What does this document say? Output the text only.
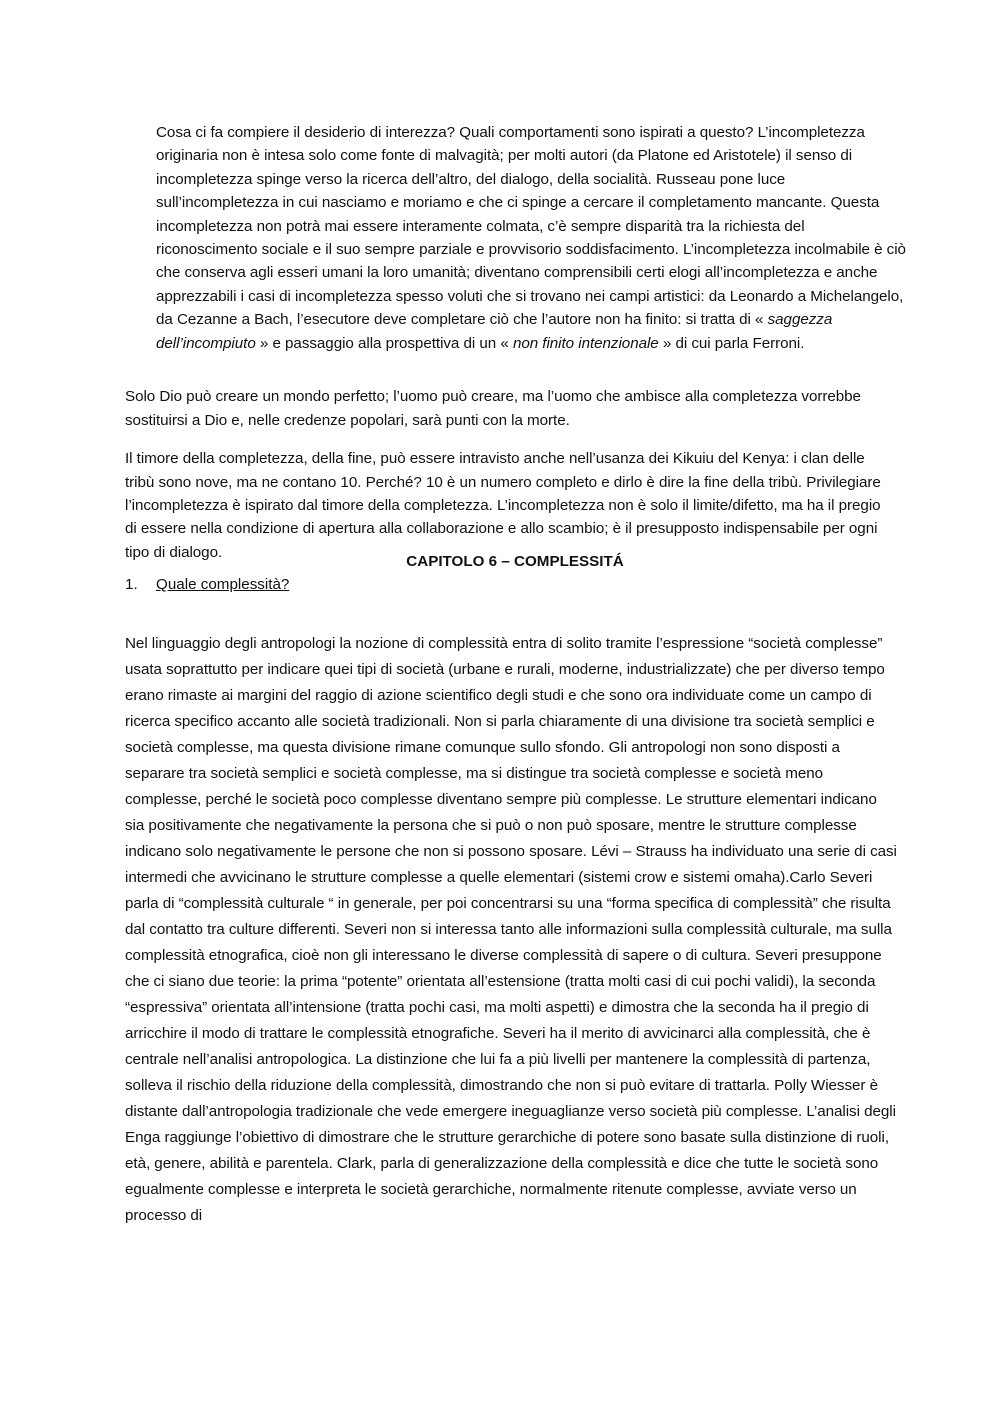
Cosa ci fa compiere il desiderio di interezza? Quali comportamenti sono ispirati a questo? L’incompletezza originaria non è intesa solo come fonte di malvagità; per molti autori (da Platone ed Aristotele) il senso di incompletezza spinge verso la ricerca dell’altro, del dialogo, della socialità. Russeau pone luce sull’incompletezza in cui nasciamo e moriamo e che ci spinge a cercare il completamento mancante. Questa incompletezza non potrà mai essere interamente colmata, c’è sempre disparità tra la richiesta del riconoscimento sociale e il suo sempre parziale e provvisorio soddisfacimento. L’incompletezza incolmabile è ciò che conserva agli esseri umani la loro umanità; diventano comprensibili certi elogi all’incompletezza e anche apprezzabili i casi di incompletezza spesso voluti che si trovano nei campi artistici: da Leonardo a Michelangelo, da Cezanne a Bach, l’esecutore deve completare ciò che l’autore non ha finito: si tratta di « saggezza dell’incompiuto » e passaggio alla prospettiva di un « non finito intenzionale » di cui parla Ferroni.

Solo Dio può creare un mondo perfetto; l’uomo può creare, ma l’uomo che ambisce alla completezza vorrebbe sostituirsi a Dio e, nelle credenze popolari, sarà punti con la morte.

Il timore della completezza, della fine, può essere intravisto anche nell’usanza dei Kikuiu del Kenya: i clan delle tribù sono nove, ma ne contano 10. Perché? 10 è un numero completo e dirlo è dire la fine della tribù. Privilegiare l’incompletezza è ispirato dal timore della completezza. L’incompletezza non è solo il limite/difetto, ma ha il pregio di essere nella condizione di apertura alla collaborazione e allo scambio; è il presupposto indispensabile per ogni tipo di dialogo.

CAPITOLO 6 – COMPLESSITÁ

1. Quale complessità?

Nel linguaggio degli antropologi la nozione di complessità entra di solito tramite l’espressione “società complesse” usata soprattutto per indicare quei tipi di società (urbane e rurali, moderne, industrializzate) che per diverso tempo erano rimaste ai margini del raggio di azione scientifico degli studi e che sono ora individuate come un campo di ricerca specifico accanto alle società tradizionali. Non si parla chiaramente di una divisione tra società semplici e società complesse, ma questa divisione rimane comunque sullo sfondo. Gli antropologi non sono disposti a separare tra società semplici e società complesse, ma si distingue tra società complesse e società meno complesse, perché le società poco complesse diventano sempre più complesse. Le strutture elementari indicano sia positivamente che negativamente la persona che si può o non può sposare, mentre le strutture complesse indicano solo negativamente le persone che non si possono sposare. Lévi – Strauss ha individuato una serie di casi intermedi che avvicinano le strutture complesse a quelle elementari (sistemi crow e sistemi omaha).Carlo Severi parla di “complessità culturale “ in generale, per poi concentrarsi su una “forma specifica di complessità” che risulta dal contatto tra culture differenti. Severi non si interessa tanto alle informazioni sulla complessità culturale, ma sulla complessità etnografica, cioè non gli interessano le diverse complessità di sapere o di cultura. Severi presuppone che ci siano due teorie: la prima “potente” orientata all’estensione (tratta molti casi di cui pochi validi), la seconda “espressiva” orientata all’intensione (tratta pochi casi, ma molti aspetti) e dimostra che la seconda ha il pregio di arricchire il modo di trattare le complessità etnografiche. Severi ha il merito di avvicinarci alla complessità, che è centrale nell’analisi antropologica. La distinzione che lui fa a più livelli per mantenere la complessità di partenza, solleva il rischio della riduzione della complessità, dimostrando che non si può evitare di trattarla. Polly Wiesser è distante dall’antropologia tradizionale che vede emergere ineguaglianze verso società più complesse. L’analisi degli Enga raggiunge l’obiettivo di dimostrare che le strutture gerarchiche di potere sono basate sulla distinzione di ruoli, età, genere, abilità e parentela. Clark, parla di generalizzazione della complessità e dice che tutte le società sono egualmente complesse e interpreta le società gerarchiche, normalmente ritenute complesse, avviate verso un processo di
